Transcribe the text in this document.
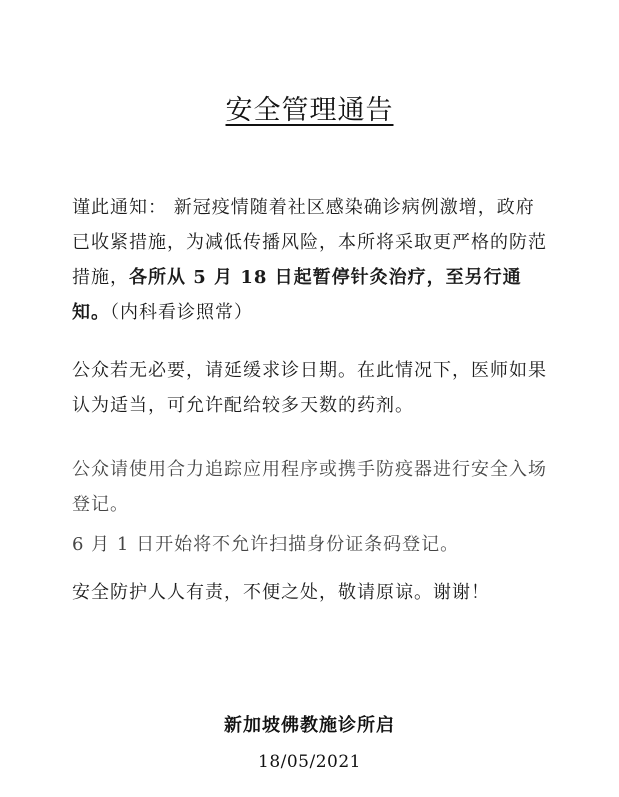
安全管理通告
谨此通知： 新冠疫情随着社区感染确诊病例激增，政府已收紧措施，为减低传播风险，本所将采取更严格的防范措施，各所从 5 月 18 日起暂停针灸治疗，至另行通知。（内科看诊照常）
公众若无必要，请延缓求诊日期。在此情况下，医师如果认为适当，可允许配给较多天数的药剂。
公众请使用合力追踪应用程序或携手防疫器进行安全入场登记。
6 月 1 日开始将不允许扫描身份证条码登记。
安全防护人人有责，不便之处，敬请原谅。谢谢！
新加坡佛教施诊所启
18/05/2021
